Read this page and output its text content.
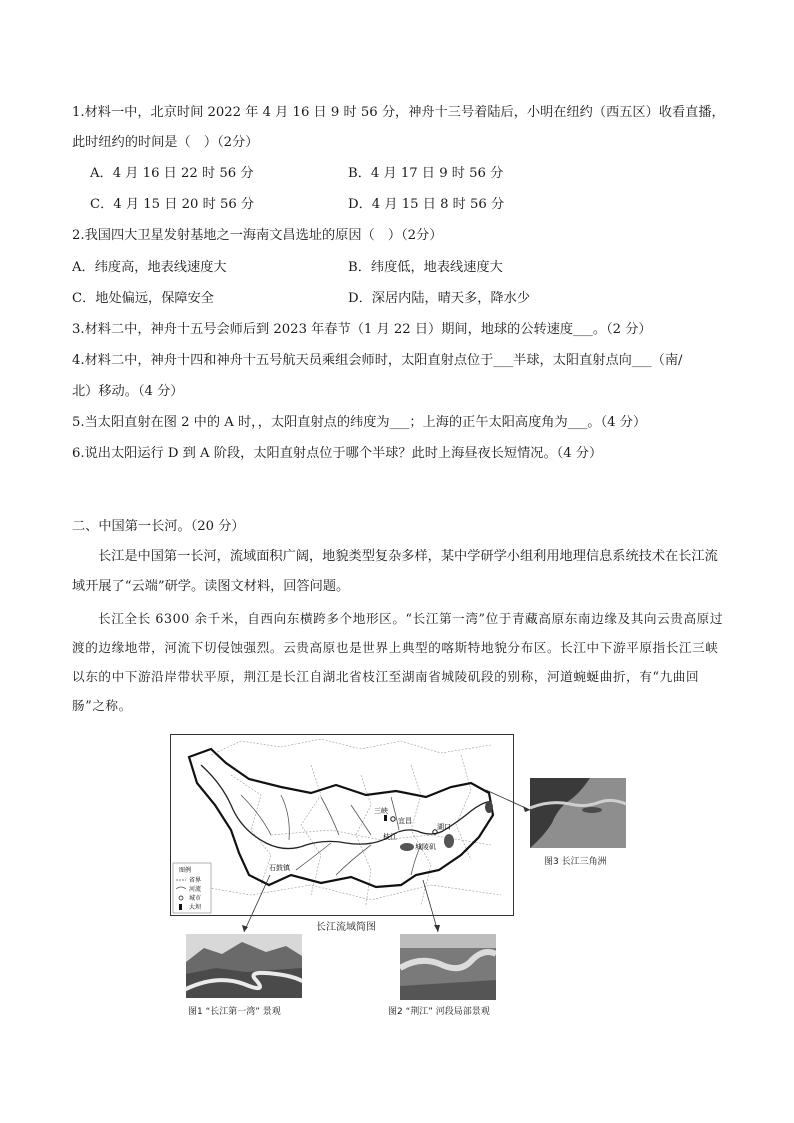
1.材料一中，北京时间 2022 年 4 月 16 日 9 时 56 分，神舟十三号着陆后，小明在纽约（西五区）收看直播，
此时纽约的时间是（　）（2分）
A．4 月 16 日 22 时 56 分	B．4 月 17 日 9 时 56 分
C．4 月 15 日 20 时 56 分	D．4 月 15 日 8 时 56 分
2.我国四大卫星发射基地之一海南文昌选址的原因（　）（2分）
A．纬度高，地表线速度大	B．纬度低，地表线速度大
C．地处偏远，保障安全	D．深居内陆，晴天多，降水少
3.材料二中，神舟十五号会师后到 2023 年春节（1 月 22 日）期间，地球的公转速度___。（2 分）
4.材料二中，神舟十四和神舟十五号航天员乘组会师时，太阳直射点位于___半球，太阳直射点向___（南/
北）移动。（4 分）
5.当太阳直射在图 2 中的 A 时，，太阳直射点的纬度为___；上海的正午太阳高度角为___。（4 分）
6.说出太阳运行 D 到 A 阶段，太阳直射点位于哪个半球？此时上海昼夜长短情况。（4 分）
二、中国第一长河。（20 分）
长江是中国第一长河，流域面积广阔，地貌类型复杂多样，某中学研学小组利用地理信息系统技术在长江流域开展了“云端”研学。读图文材料，回答问题。
长江全长 6300 余千米，自西向东横跨多个地形区。“长江第一湾”位于青藏高原东南边缘及其向云贵高原过渡的边缘地带，河流下切侵蚀强烈。云贵高原也是世界上典型的喀斯特地貌分布区。长江中下游平原指长江三峡以东的中下游沿岸带状平原，荆江是长江自湖北省枝江至湖南省城陵矶段的别称，河道蜿蜒曲折，有“九曲回肠”之称。
三峡
宜昌
枝江
城陵矶
湖口
石鼓镇
图例
省界
河流
城市
大坝
长江流域简图
图3 长江三角洲
图1 “长江第一湾” 景观	图2 “荆江” 河段局部景观
